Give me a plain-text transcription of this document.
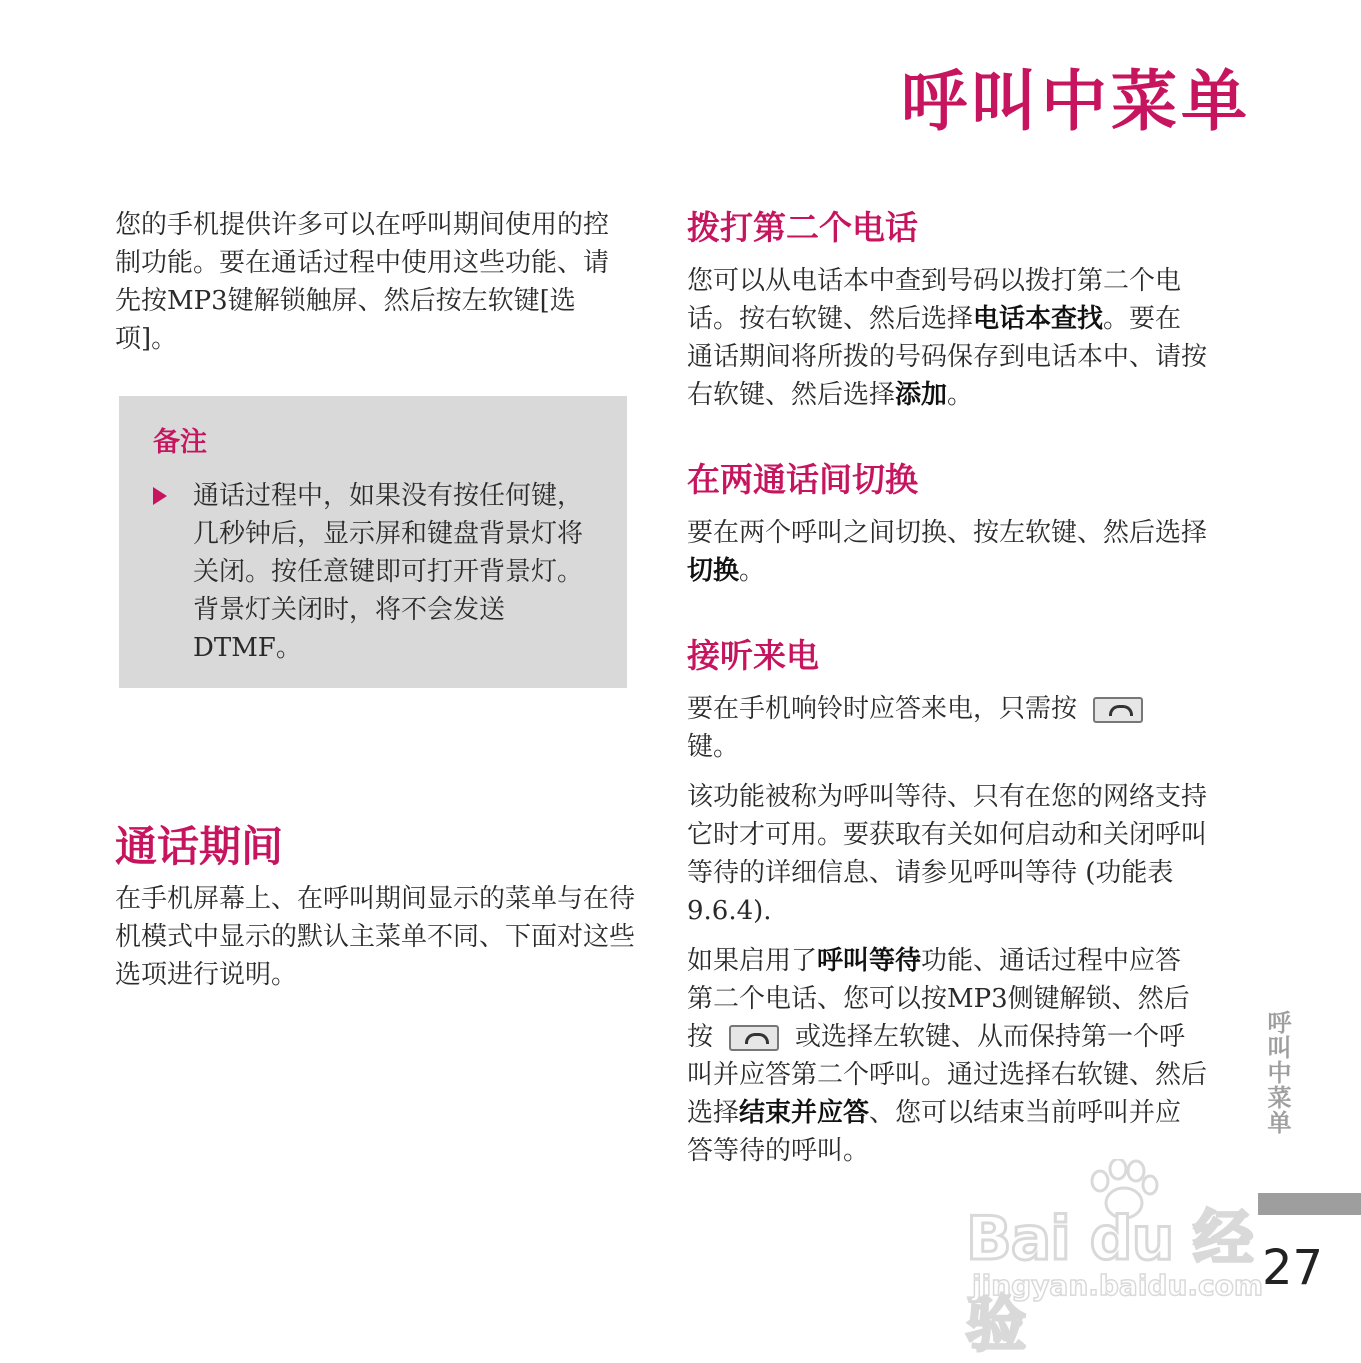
呼叫中菜单

您的手机提供许多可以在呼叫期间使用的控制功能。要在通话过程中使用这些功能、请先按MP3键解锁触屏、然后按左软键[选项]。

备注

通话过程中，如果没有按任何键，几秒钟后，显示屏和键盘背景灯将关闭。按任意键即可打开背景灯。背景灯关闭时，将不会发送 DTMF。

通话期间

在手机屏幕上、在呼叫期间显示的菜单与在待机模式中显示的默认主菜单不同、下面对这些选项进行说明。

拨打第二个电话

您可以从电话本中查到号码以拨打第二个电话。按右软键、然后选择电话本查找。要在通话期间将所拨的号码保存到电话本中、请按右软键、然后选择添加。

在两通话间切换

要在两个呼叫之间切换、按左软键、然后选择切换。

接听来电

要在手机响铃时应答来电，只需按键。

该功能被称为呼叫等待、只有在您的网络支持它时才可用。要获取有关如何启动和关闭呼叫等待的详细信息、请参见呼叫等待 (功能表 9.6.4).

如果启用了呼叫等待功能、通话过程中应答第二个电话、您可以按MP3侧键解锁、然后按	或选择左软键、从而保持第一个呼叫并应答第二个呼叫。通过选择右软键、然后选择结束并应答、您可以结束当前呼叫并应答等待的呼叫。

呼叫中菜单
27
Bai du 经验
jingyan.baidu.com
